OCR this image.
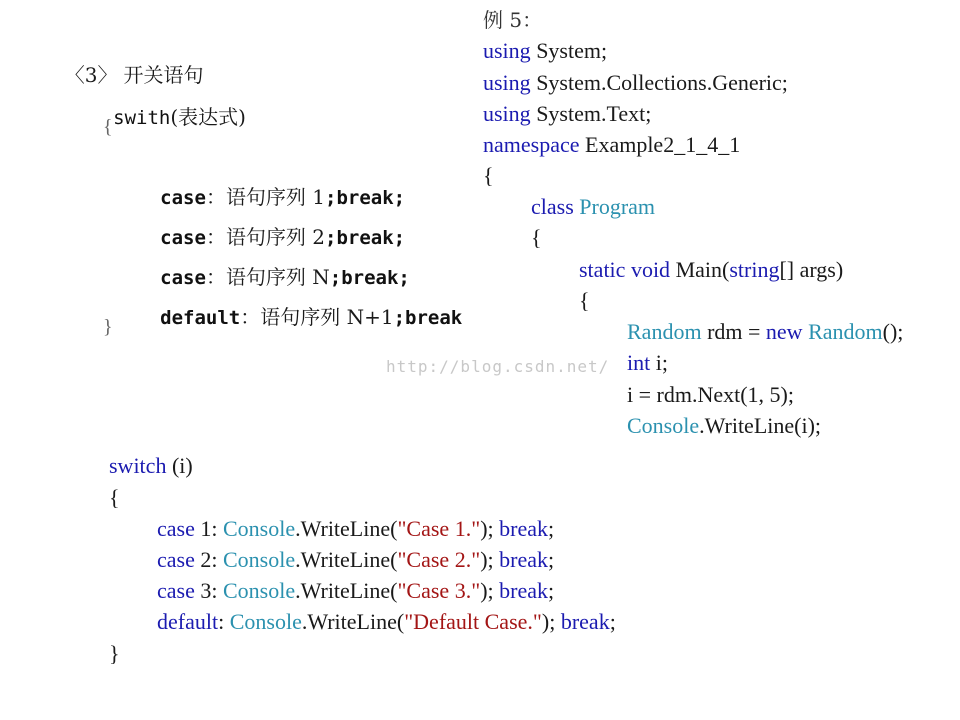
〈3〉 开关语句

swith(表达式)

{

case：语句序列 1;break;

case：语句序列 2;break;

case：语句序列 N;break;

default：语句序列 N+1;break

}
例 5：
using System;
using System.Collections.Generic;
using System.Text;
namespace Example2_1_4_1
{
class Program
{
static void Main(string[] args)
{
Random rdm = new Random();
int i;
i = rdm.Next(1, 5);
Console.WriteLine(i);
http://blog.csdn.net/
switch (i)
{
case 1: Console.WriteLine("Case 1."); break;
case 2: Console.WriteLine("Case 2."); break;
case 3: Console.WriteLine("Case 3."); break;
default: Console.WriteLine("Default Case."); break;
}
